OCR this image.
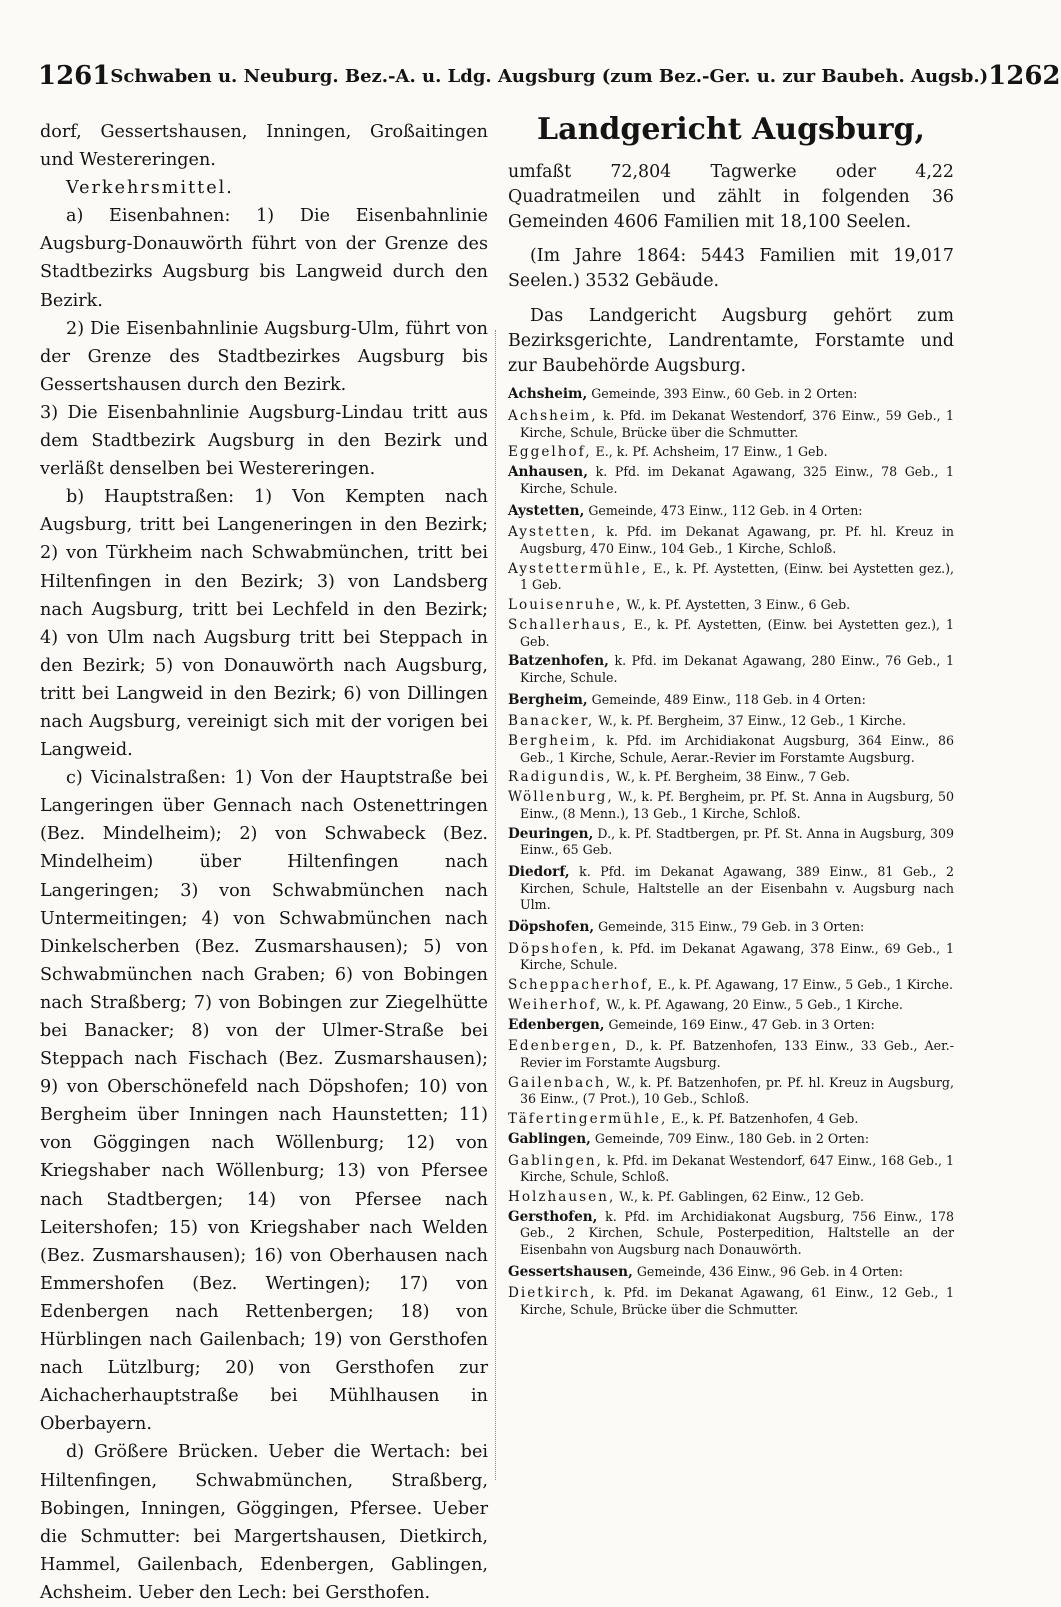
1261 Schwaben u. Neuburg. Bez.-A. u. Ldg. Augsburg (zum Bez.-Ger. u. zur Baubeh. Augsb.) 1262

dorf, Gessertshausen, Inningen, Großaitingen und Westereringen.

Verkehrsmittel.

a) Eisenbahnen: 1) Die Eisenbahnlinie Augsburg-Donauwörth führt von der Grenze des Stadtbezirks Augsburg bis Langweid durch den Bezirk.

2) Die Eisenbahnlinie Augsburg-Ulm, führt von der Grenze des Stadtbezirkes Augsburg bis Gessertshausen durch den Bezirk.

3) Die Eisenbahnlinie Augsburg-Lindau tritt aus dem Stadtbezirk Augsburg in den Bezirk und verläßt denselben bei Westereringen.

b) Hauptstraßen: 1) Von Kempten nach Augsburg, tritt bei Langeneringen in den Bezirk; 2) von Türkheim nach Schwabmünchen, tritt bei Hiltenfingen in den Bezirk; 3) von Landsberg nach Augsburg, tritt bei Lechfeld in den Bezirk; 4) von Ulm nach Augsburg tritt bei Steppach in den Bezirk; 5) von Donauwörth nach Augsburg, tritt bei Langweid in den Bezirk; 6) von Dillingen nach Augsburg, vereinigt sich mit der vorigen bei Langweid.

c) Vicinalstraßen: 1) Von der Hauptstraße bei Langeringen über Gennach nach Ostenettringen (Bez. Mindelheim); 2) von Schwabeck (Bez. Mindelheim) über Hiltenfingen nach Langeringen; 3) von Schwabmünchen nach Untermeitingen; 4) von Schwabmünchen nach Dinkelscherben (Bez. Zusmarshausen); 5) von Schwabmünchen nach Graben; 6) von Bobingen nach Straßberg; 7) von Bobingen zur Ziegelhütte bei Banacker; 8) von der Ulmer-Straße bei Steppach nach Fischach (Bez. Zusmarshausen); 9) von Oberschönefeld nach Döpshofen; 10) von Bergheim über Inningen nach Haunstetten; 11) von Göggingen nach Wöllenburg; 12) von Kriegshaber nach Wöllenburg; 13) von Pfersee nach Stadtbergen; 14) von Pfersee nach Leitershofen; 15) von Kriegshaber nach Welden (Bez. Zusmarshausen); 16) von Oberhausen nach Emmershofen (Bez. Wertingen); 17) von Edenbergen nach Rettenbergen; 18) von Hürblingen nach Gailenbach; 19) von Gersthofen nach Lützlburg; 20) von Gersthofen zur Aichacherhauptstraße bei Mühlhausen in Oberbayern.

d) Größere Brücken. Ueber die Wertach: bei Hiltenfingen, Schwabmünchen, Straßberg, Bobingen, Inningen, Göggingen, Pfersee. Ueber die Schmutter: bei Margertshausen, Dietkirch, Hammel, Gailenbach, Edenbergen, Gablingen, Achsheim. Ueber den Lech: bei Gersthofen.

Landgericht Augsburg,

umfaßt 72,804 Tagwerke oder 4,22 Quadratmeilen und zählt in folgenden 36 Gemeinden 4606 Familien mit 18,100 Seelen.

(Im Jahre 1864: 5443 Familien mit 19,017 Seelen.) 3532 Gebäude.

Das Landgericht Augsburg gehört zum Bezirksgerichte, Landrentamte, Forstamte und zur Baubehörde Augsburg.

Achsheim, Gemeinde, 393 Einw., 60 Geb. in 2 Orten:

Achsheim, k. Pfd. im Dekanat Westendorf, 376 Einw., 59 Geb., 1 Kirche, Schule, Brücke über die Schmutter.

Eggelhof, E., k. Pf. Achsheim, 17 Einw., 1 Geb.

Anhausen, k. Pfd. im Dekanat Agawang, 325 Einw., 78 Geb., 1 Kirche, Schule.

Aystetten, Gemeinde, 473 Einw., 112 Geb. in 4 Orten:

Aystetten, k. Pfd. im Dekanat Agawang, pr. Pf. hl. Kreuz in Augsburg, 470 Einw., 104 Geb., 1 Kirche, Schloß.

Aystettermühle, E., k. Pf. Aystetten, (Einw. bei Aystetten gez.), 1 Geb.

Louisenruhe, W., k. Pf. Aystetten, 3 Einw., 6 Geb.

Schallerhaus, E., k. Pf. Aystetten, (Einw. bei Aystetten gez.), 1 Geb.

Batzenhofen, k. Pfd. im Dekanat Agawang, 280 Einw., 76 Geb., 1 Kirche, Schule.

Bergheim, Gemeinde, 489 Einw., 118 Geb. in 4 Orten:

Banacker, W., k. Pf. Bergheim, 37 Einw., 12 Geb., 1 Kirche.

Bergheim, k. Pfd. im Archidiakonat Augsburg, 364 Einw., 86 Geb., 1 Kirche, Schule, Aerar.-Revier im Forstamte Augsburg.

Radigundis, W., k. Pf. Bergheim, 38 Einw., 7 Geb.

Wöllenburg, W., k. Pf. Bergheim, pr. Pf. St. Anna in Augsburg, 50 Einw., (8 Menn.), 13 Geb., 1 Kirche, Schloß.

Deuringen, D., k. Pf. Stadtbergen, pr. Pf. St. Anna in Augsburg, 309 Einw., 65 Geb.

Diedorf, k. Pfd. im Dekanat Agawang, 389 Einw., 81 Geb., 2 Kirchen, Schule, Haltstelle an der Eisenbahn v. Augsburg nach Ulm.

Döpshofen, Gemeinde, 315 Einw., 79 Geb. in 3 Orten:

Döpshofen, k. Pfd. im Dekanat Agawang, 378 Einw., 69 Geb., 1 Kirche, Schule.

Scheppacherhof, E., k. Pf. Agawang, 17 Einw., 5 Geb., 1 Kirche.

Weiherhof, W., k. Pf. Agawang, 20 Einw., 5 Geb., 1 Kirche.

Edenbergen, Gemeinde, 169 Einw., 47 Geb. in 3 Orten:

Edenbergen, D., k. Pf. Batzenhofen, 133 Einw., 33 Geb., Aer.-Revier im Forstamte Augsburg.

Gailenbach, W., k. Pf. Batzenhofen, pr. Pf. hl. Kreuz in Augsburg, 36 Einw., (7 Prot.), 10 Geb., Schloß.

Täfertingermühle, E., k. Pf. Batzenhofen, 4 Geb.

Gablingen, Gemeinde, 709 Einw., 180 Geb. in 2 Orten:

Gablingen, k. Pfd. im Dekanat Westendorf, 647 Einw., 168 Geb., 1 Kirche, Schule, Schloß.

Holzhausen, W., k. Pf. Gablingen, 62 Einw., 12 Geb.

Gersthofen, k. Pfd. im Archidiakonat Augsburg, 756 Einw., 178 Geb., 2 Kirchen, Schule, Posterpedition, Haltstelle an der Eisenbahn von Augsburg nach Donauwörth.

Gessertshausen, Gemeinde, 436 Einw., 96 Geb. in 4 Orten:

Dietkirch, k. Pfd. im Dekanat Agawang, 61 Einw., 12 Geb., 1 Kirche, Schule, Brücke über die Schmutter.
